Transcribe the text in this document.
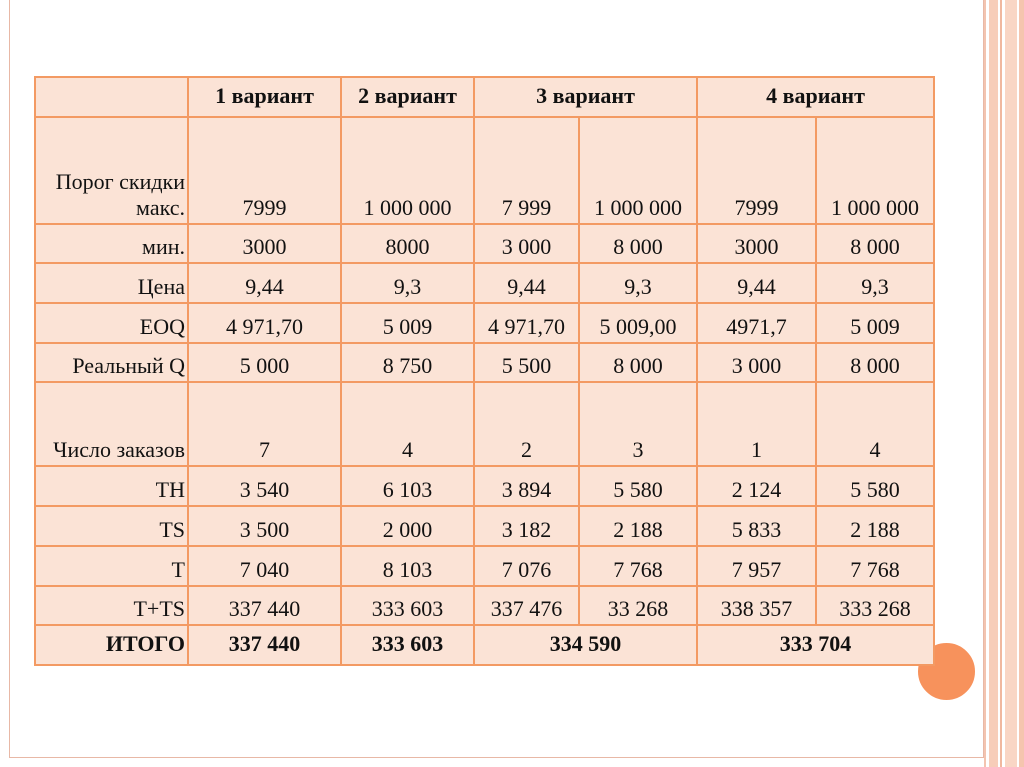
	1 вариант	2 вариант	3 вариант		4 вариант	
Порог скидки макс.	7999	1 000 000	7 999	1 000 000	7999	1 000 000
мин.	3000	8000	3 000	8 000	3000	8 000
Цена	9,44	9,3	9,44	9,3	9,44	9,3
EOQ	4 971,70	5 009	4 971,70	5 009,00	4971,7	5 009
Реальный Q	5 000	8 750	5 500	8 000	3 000	8 000
Число заказов	7	4	2	3	1	4
TH	3 540	6 103	3 894	5 580	2 124	5 580
TS	3 500	2 000	3 182	2 188	5 833	2 188
T	7 040	8 103	7 076	7 768	7 957	7 768
T+TS	337 440	333 603	337 476	33 268	338 357	333 268
ИТОГО	337 440	333 603	334 590		333 704	
